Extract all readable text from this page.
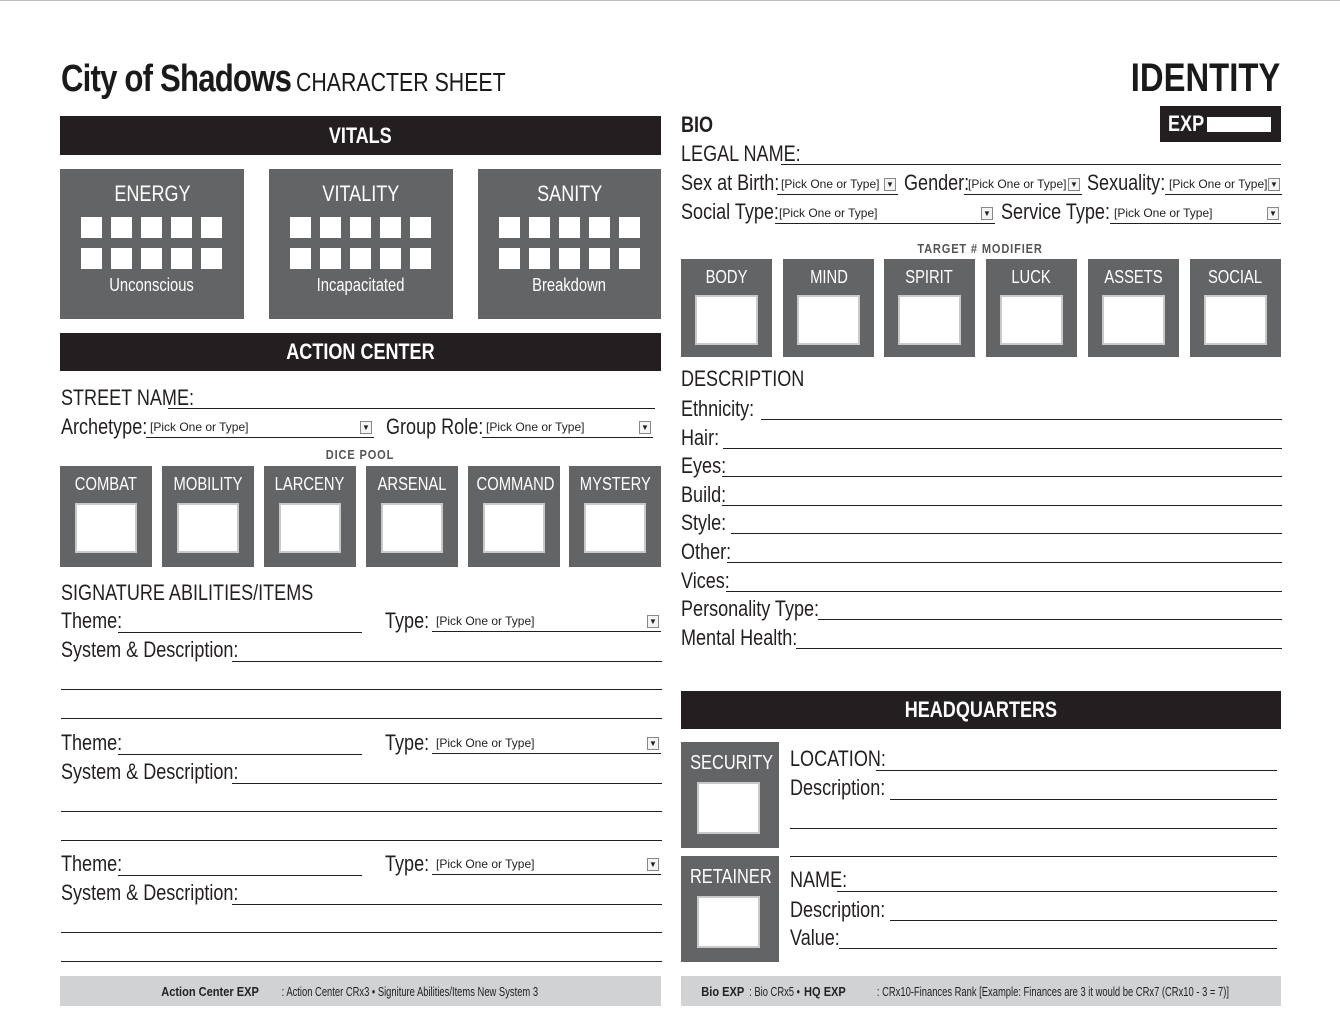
City of Shadows CHARACTER SHEET	IDENTITY
VITALS
ENERGY
Unconscious
VITALITY
Incapacitated
SANITY
Breakdown
ACTION CENTER
STREET NAME:
Archetype: [Pick One or Type]	▼ Group Role: [Pick One or Type]	▼
DICE POOL
COMBAT	MOBILITY	LARCENY	ARSENAL	COMMAND	MYSTERY
SIGNATURE ABILITIES/ITEMS
Theme:	Type: [Pick One or Type]	▼
System & Description:
Theme:	Type: [Pick One or Type]	▼
System & Description:
Theme:	Type: [Pick One or Type]	▼
System & Description:
Action Center EXP : Action Center CRx3 • Signiture Abilities/Items New System 3
BIO	EXP
LEGAL NAME:
Sex at Birth: [Pick One or Type] ▼ Gender:
[Pick One or Type] ▼ Sexuality: [Pick One or Type] ▼
Social Type: [Pick One or Type]	▼ Service Type: [Pick One or Type]	▼
TARGET # MODIFIER
BODY	MIND	SPIRIT	LUCK	ASSETS	SOCIAL
DESCRIPTION
Ethnicity:
Hair:
Eyes:
Build:
Style:
Other:
Vices:
Personality Type:
Mental Health:
HEADQUARTERS
SECURITY
RETAINER
LOCATION:
Description:
NAME:
Description:
Value:
Bio EXP : Bio CRx5 •HQ EXP : CRx10-Finances Rank [Example: Finances are 3 it would be CRx7 (CRx10 - 3 = 7)]
